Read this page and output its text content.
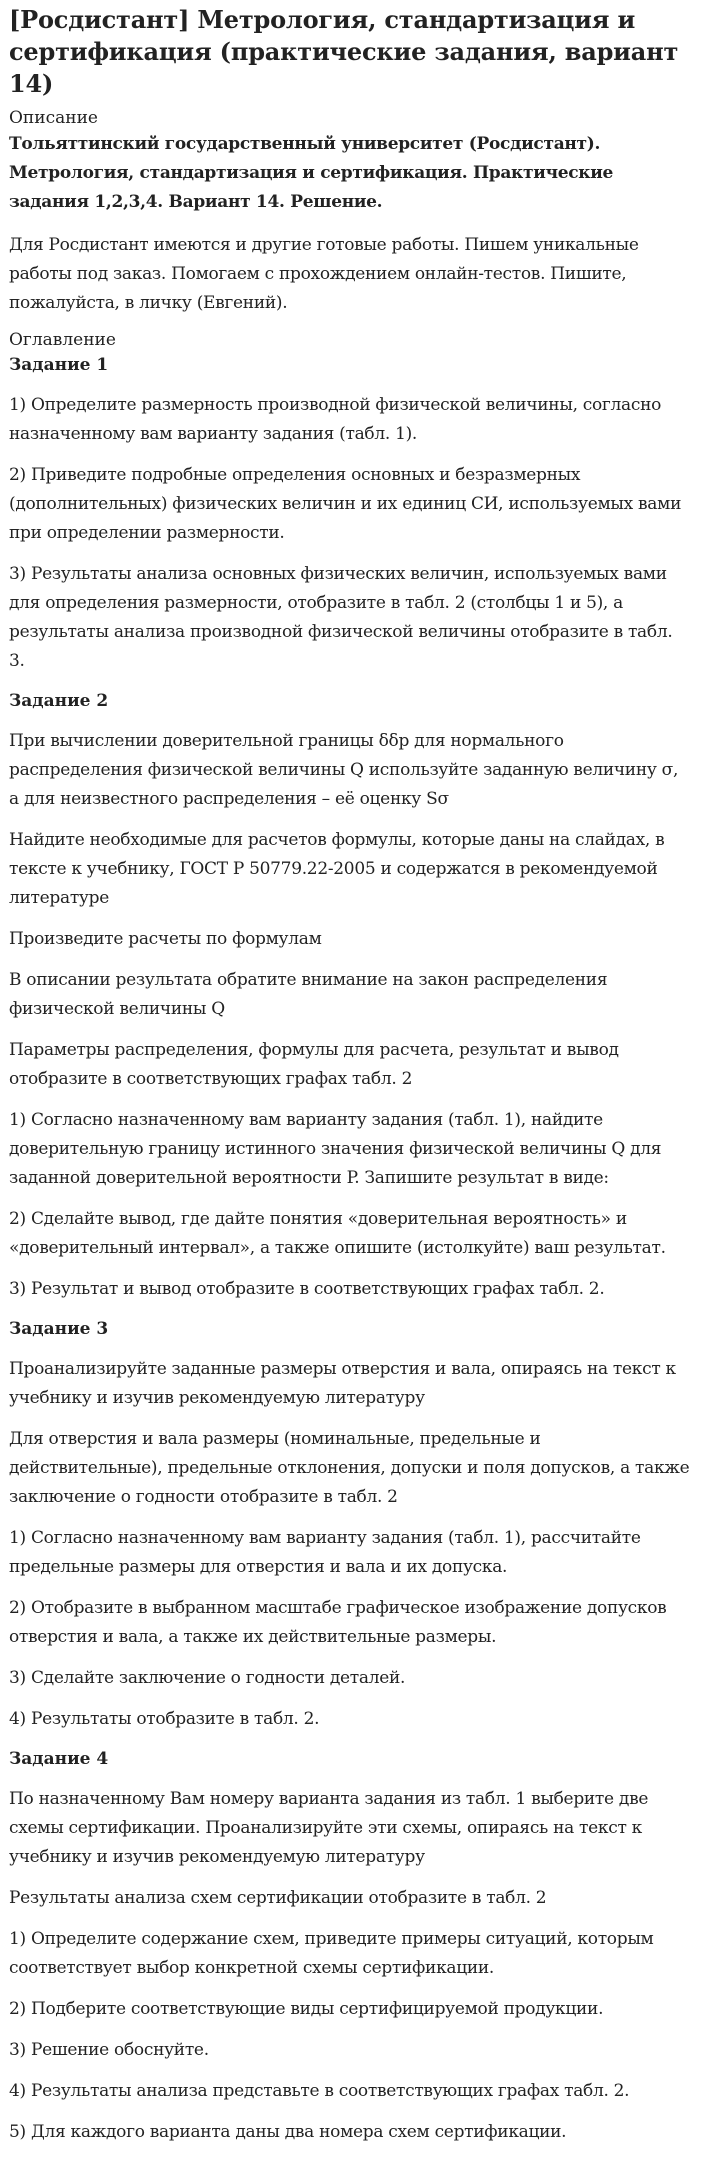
[Росдистант] Метрология, стандартизация и сертификация (практические задания, вариант 14)
Описание

Тольяттинский государственный университет (Росдистант). Метрология, стандартизация и сертификация. Практические задания 1,2,3,4. Вариант 14. Решение.

Для Росдистант имеются и другие готовые работы. Пишем уникальные работы под заказ. Помогаем с прохождением онлайн-тестов. Пишите, пожалуйста, в личку (Евгений).

Оглавление
Задание 1

1) Определите размерность производной физической величины, согласно назначенному вам варианту задания (табл. 1).

2) Приведите подробные определения основных и безразмерных (дополнительных) физических величин и их единиц СИ, используемых вами при определении размерности.

3) Результаты анализа основных физических величин, используемых вами для определения размерности, отобразите в табл. 2 (столбцы 1 и 5), а результаты анализа производной физической величины отобразите в табл. 3.

Задание 2

При вычислении доверительной границы δδр для нормального распределения физической величины Q используйте заданную величину σ, а для неизвестного распределения – её оценку Sσ

Найдите необходимые для расчетов формулы, которые даны на слайдах, в тексте к учебнику, ГОСТ Р 50779.22-2005 и содержатся в рекомендуемой литературе

Произведите расчеты по формулам

В описании результата обратите внимание на закон распределения физической величины Q

Параметры распределения, формулы для расчета, результат и вывод отобразите в соответствующих графах табл. 2

1) Согласно назначенному вам варианту задания (табл. 1), найдите доверительную границу истинного значения физической величины Q для заданной доверительной вероятности P. Запишите результат в виде:

2) Сделайте вывод, где дайте понятия «доверительная вероятность» и «доверительный интервал», а также опишите (истолкуйте) ваш результат.

3) Результат и вывод отобразите в соответствующих графах табл. 2.

Задание 3

Проанализируйте заданные размеры отверстия и вала, опираясь на текст к учебнику и изучив рекомендуемую литературу

Для отверстия и вала размеры (номинальные, предельные и действительные), предельные отклонения, допуски и поля допусков, а также заключение о годности отобразите в табл. 2

1) Согласно назначенному вам варианту задания (табл. 1), рассчитайте предельные размеры для отверстия и вала и их допуска.

2) Отобразите в выбранном масштабе графическое изображение допусков отверстия и вала, а также их действительные размеры.

3) Сделайте заключение о годности деталей.

4) Результаты отобразите в табл. 2.

Задание 4

По назначенному Вам номеру варианта задания из табл. 1 выберите две схемы сертификации. Проанализируйте эти схемы, опираясь на текст к учебнику и изучив рекомендуемую литературу

Результаты анализа схем сертификации отобразите в табл. 2

1) Определите содержание схем, приведите примеры ситуаций, которым соответствует выбор конкретной схемы сертификации.

2) Подберите соответствующие виды сертифицируемой продукции.

3) Решение обоснуйте.

4) Результаты анализа представьте в соответствующих графах табл. 2.

5) Для каждого варианта даны два номера схем сертификации.
